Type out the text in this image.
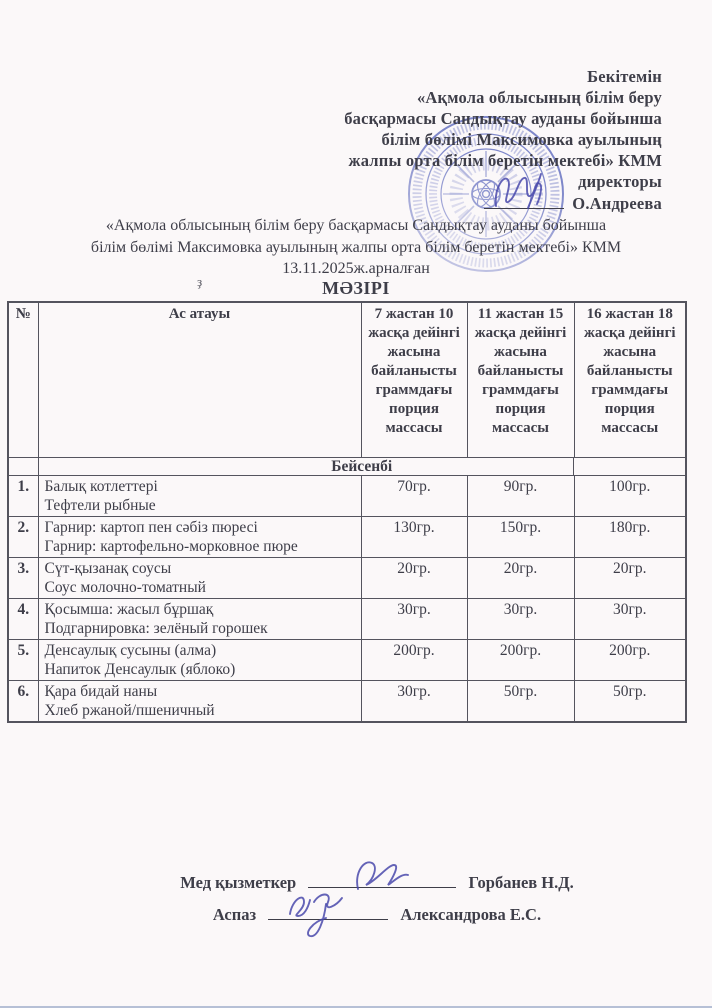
Бекітемін
«Ақмола облысының білім беру
басқармасы Сандықтау ауданы бойынша
білім бөлімі Максимовка ауылының
жалпы орта білім беретін мектебі» КММ
директоры
О.Андреева
«Ақмола облысының білім беру басқармасы Сандықтау ауданы бойынша
білім бөлімі Максимовка ауылының жалпы орта білім беретін мектебі» КММ
13.11.2025ж.арналған
ҙ	МӘЗІРІ
№	Ас атауы	7 жастан 10 жасқа дейінгі жасына байланысты граммдағы порция массасы	11 жастан 15 жасқа дейінгі жасына байланысты граммдағы порция массасы	16 жастан 18 жасқа дейінгі жасына байланысты граммдағы порция массасы
	Бейсенбі			
1.	Балық котлеттері
Тефтели рыбные	70гр.	90гр.	100гр.
2.	Гарнир: картоп пен сәбіз пюресі
Гарнир: картофельно-морковное пюре	130гр.	150гр.	180гр.
3.	Сүт-қызанақ соусы
Соус молочно-томатный	20гр.	20гр.	20гр.
4.	Қосымша: жасыл бұршақ
Подгарнировка: зелёный горошек	30гр.	30гр.	30гр.
5.	Денсаулық сусыны (алма)
Напиток Денсаулык (яблоко)	200гр.	200гр.	200гр.
6.	Қара бидай наны
Хлеб ржаной/пшеничный	30гр.	50гр.	50гр.
Мед қызметкер	Горбанев Н.Д.
Аспаз	Александрова Е.С.
